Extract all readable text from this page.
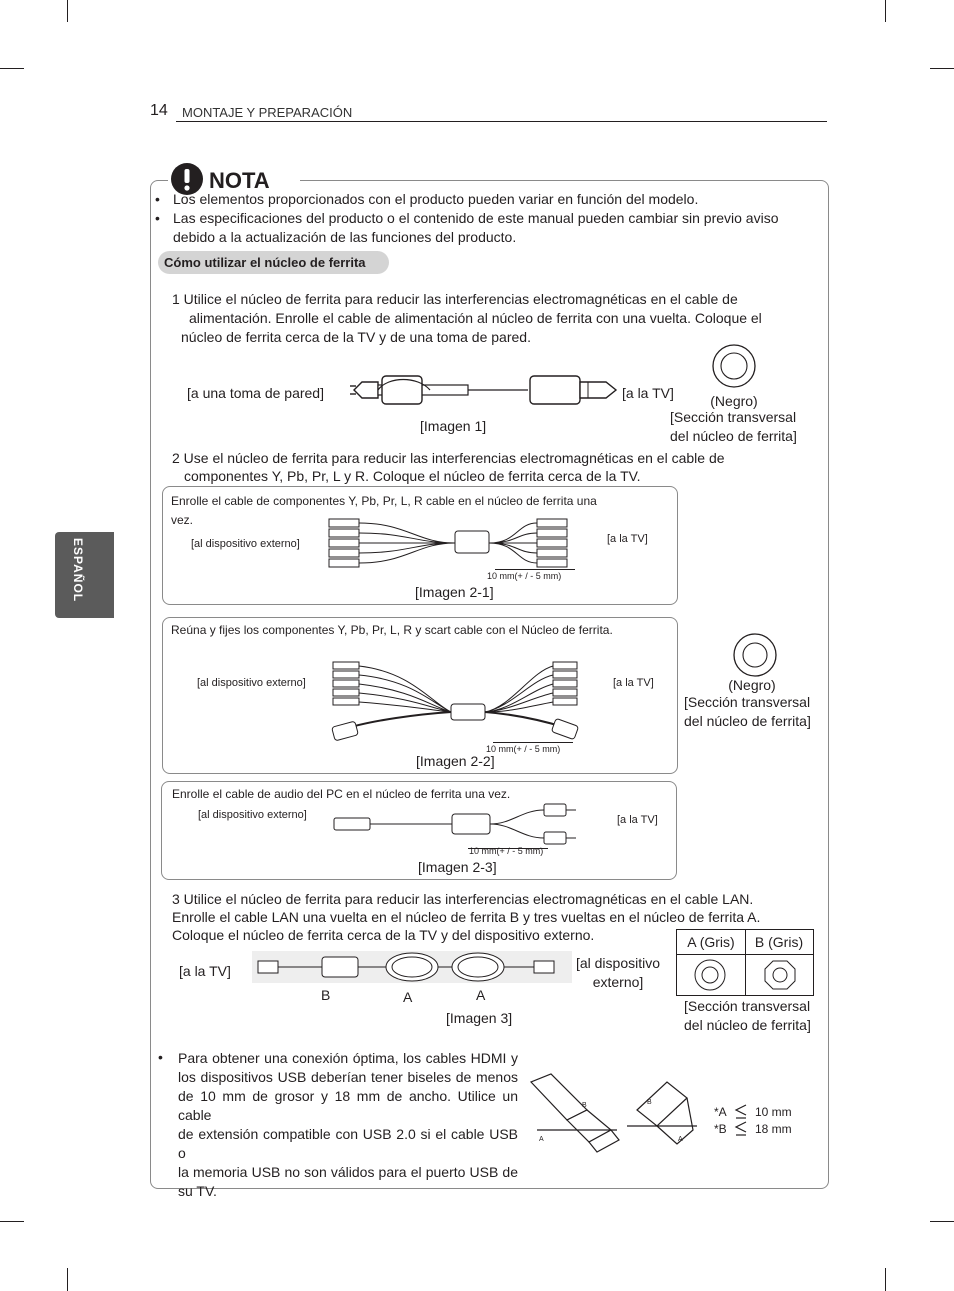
14 MONTAJE Y PREPARACIÓN
ESPAÑOL
NOTA
• Los elementos proporcionados con el producto pueden variar en función del modelo.
• Las especificaciones del producto o el contenido de este manual pueden cambiar sin previo aviso
debido a la actualización de las funciones del producto.
Cómo utilizar el núcleo de ferrita
1 Utilice el núcleo de ferrita para reducir las interferencias electromagnéticas en el cable de
alimentación. Enrolle el cable de alimentación al núcleo de ferrita con una vuelta. Coloque el
núcleo de ferrita cerca de la TV y de una toma de pared.
[a una toma de pared]	[a la TV]
[Imagen 1]
(Negro)
[Sección transversal
del núcleo de ferrita]
2 Use el núcleo de ferrita para reducir las interferencias electromagnéticas en el cable de
componentes Y, Pb, Pr, L y R. Coloque el núcleo de ferrita cerca de la TV.
Enrolle el cable de componentes Y, Pb, Pr, L, R cable en el núcleo de ferrita una
vez.
[al dispositivo externo]	[a la TV]
10 mm(+ / - 5 mm)
[Imagen 2-1]
Reúna y fijes los componentes Y, Pb, Pr, L, R y scart cable con el Núcleo de ferrita.
[al dispositivo externo]	[a la TV]
10 mm(+ / - 5 mm)
[Imagen 2-2]
(Negro)
[Sección transversal
del núcleo de ferrita]
Enrolle el cable de audio del PC en el núcleo de ferrita una vez.
[al dispositivo externo]	[a la TV]
10 mm(+ / - 5 mm)
[Imagen 2-3]
3 Utilice el núcleo de ferrita para reducir las interferencias electromagnéticas en el cable LAN.
Enrolle el cable LAN una vuelta en el núcleo de ferrita B y tres vueltas en el núcleo de ferrita A.
Coloque el núcleo de ferrita cerca de la TV y del dispositivo externo.
[a la TV]
B	A	A
[al dispositivo
externo]
[Imagen 3]
A (Gris)	B (Gris)
[Sección transversal
del núcleo de ferrita]
• Para obtener una conexión óptima, los cables HDMI y
los dispositivos USB deberían tener biseles de menos
de 10 mm de grosor y 18 mm de ancho. Utilice un cable
de extensión compatible con USB 2.0 si el cable USB o
la memoria USB no son válidos para el puerto USB de
su TV.
B
A
B
A
*A
*B
10 mm
18 mm
